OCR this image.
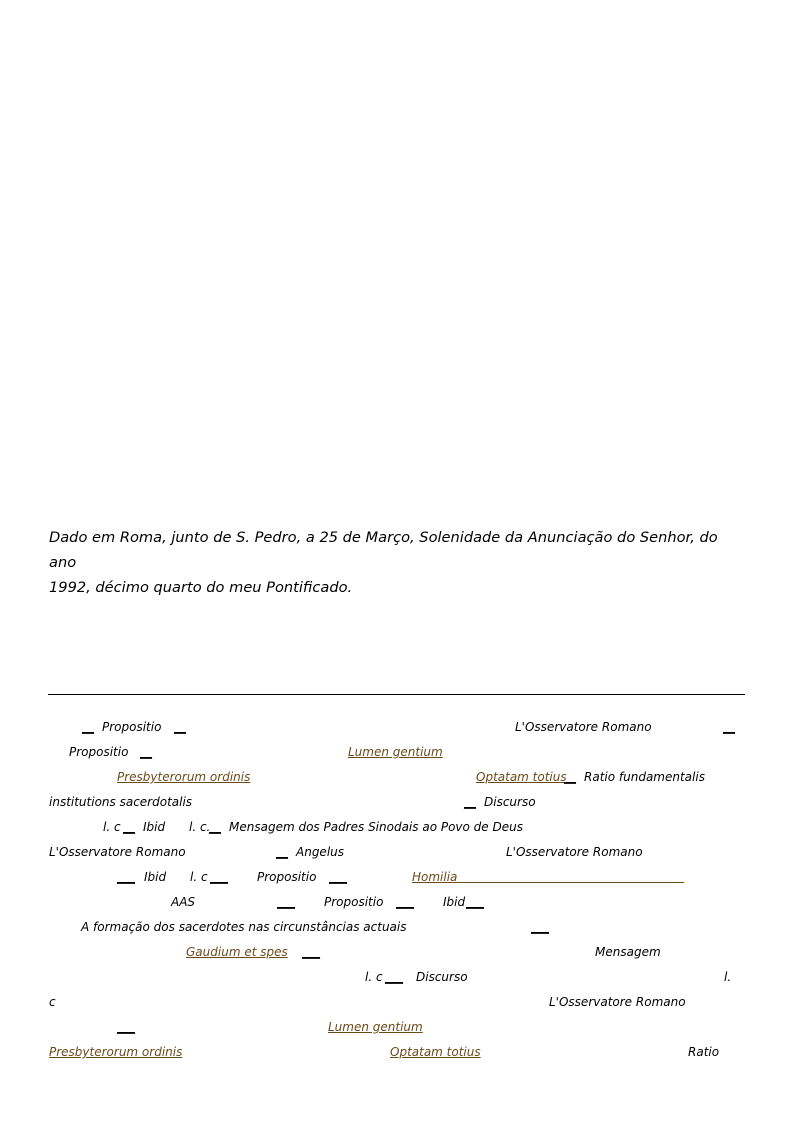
Dado em Roma, junto de S. Pedro, a 25 de Março, Solenidade da Anunciação do Senhor, do ano
1992, décimo quarto do meu Pontificado.

__ Propositio __	L'Osservatore Romano	__
Propositio __	Lumen gentium
Presbyterorum ordinis	Optatam totius
__ Ratio fundamentalis
institutions sacerdotalis	__ Discurso
l. c __ Ibid l. c.
__ Mensagem dos Padres Sinodais ao Povo de Deus
L'Osservatore Romano	__ Angelus	L'Osservatore Romano
___ Ibid l. c ___ Propositio ___	Homilia

AAS	___ Propositio ___ Ibid ___
A formação dos sacerdotes nas circunstâncias actuais	___
Gaudium et spes ___	Mensagem
l. c ___ Discurso	l.
c	L'Osservatore Romano
___	Lumen gentium
Presbyterorum ordinis	Optatam totius	Ratio
